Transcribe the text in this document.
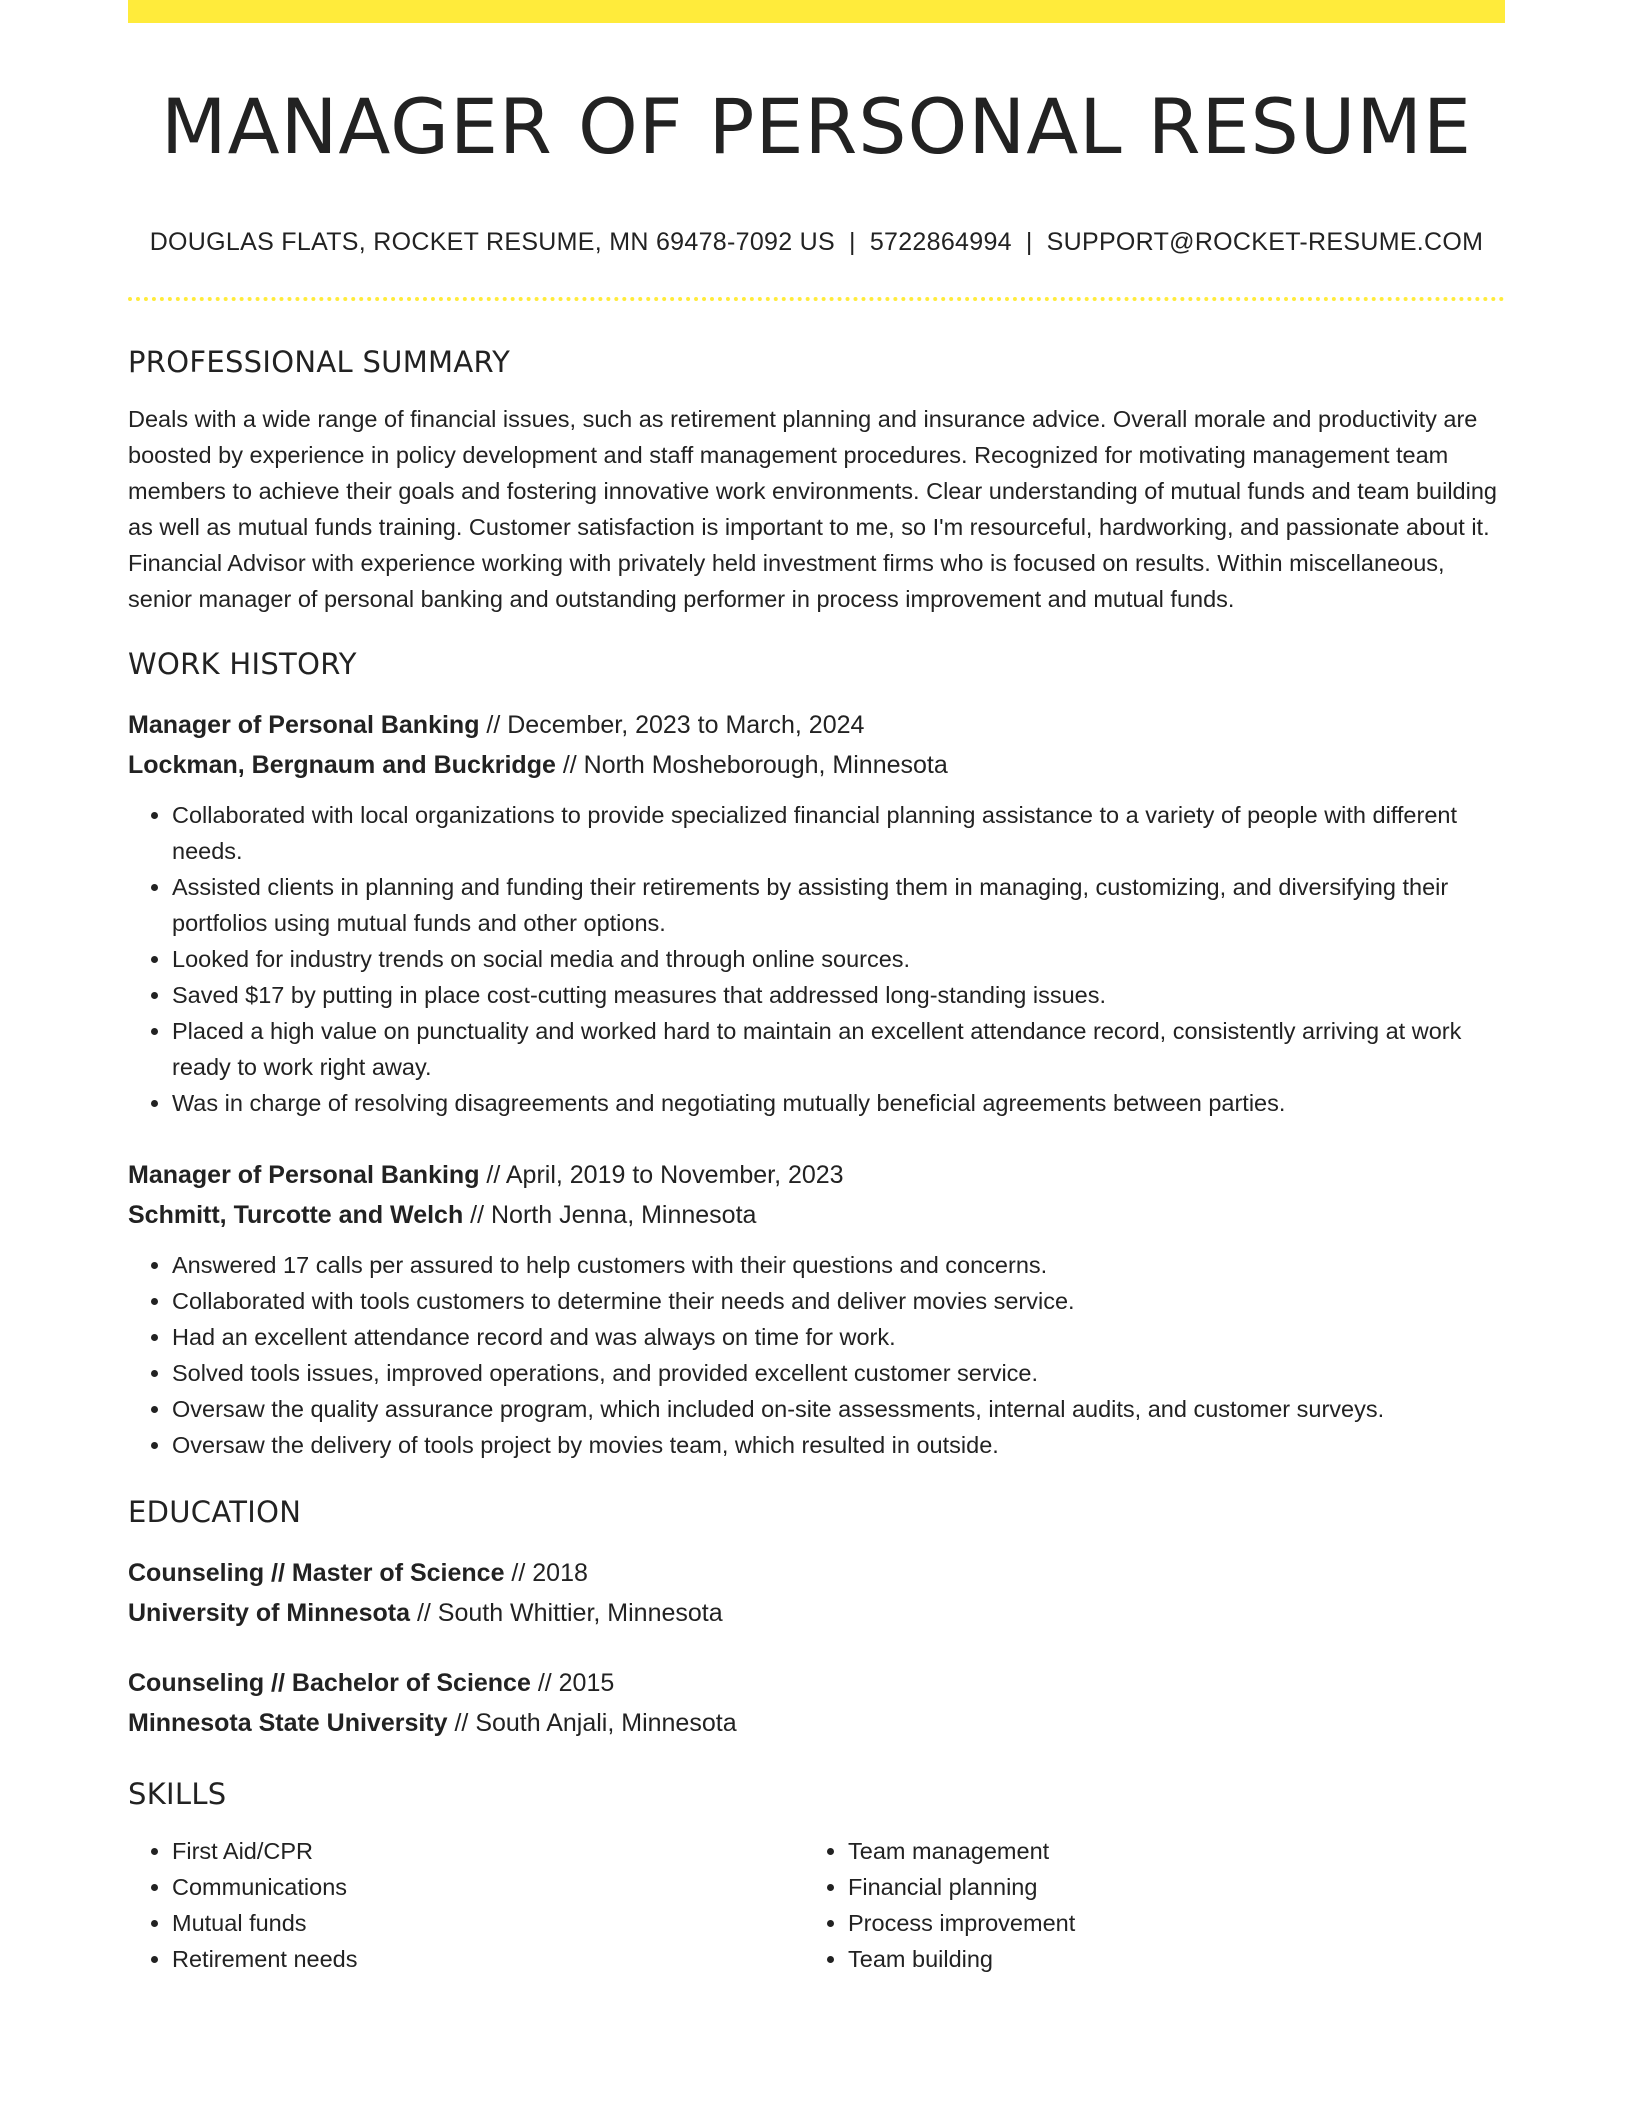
MANAGER OF PERSONAL RESUME
DOUGLAS FLATS, ROCKET RESUME, MN 69478-7092 US | 5722864994 | SUPPORT@ROCKET-RESUME.COM
PROFESSIONAL SUMMARY
Deals with a wide range of financial issues, such as retirement planning and insurance advice. Overall morale and productivity are boosted by experience in policy development and staff management procedures. Recognized for motivating management team members to achieve their goals and fostering innovative work environments. Clear understanding of mutual funds and team building as well as mutual funds training. Customer satisfaction is important to me, so I'm resourceful, hardworking, and passionate about it. Financial Advisor with experience working with privately held investment firms who is focused on results. Within miscellaneous, senior manager of personal banking and outstanding performer in process improvement and mutual funds.
WORK HISTORY
Manager of Personal Banking // December, 2023 to March, 2024
Lockman, Bergnaum and Buckridge // North Mosheborough, Minnesota
• Collaborated with local organizations to provide specialized financial planning assistance to a variety of people with different needs.
• Assisted clients in planning and funding their retirements by assisting them in managing, customizing, and diversifying their portfolios using mutual funds and other options.
• Looked for industry trends on social media and through online sources.
• Saved $17 by putting in place cost-cutting measures that addressed long-standing issues.
• Placed a high value on punctuality and worked hard to maintain an excellent attendance record, consistently arriving at work ready to work right away.
• Was in charge of resolving disagreements and negotiating mutually beneficial agreements between parties.
Manager of Personal Banking // April, 2019 to November, 2023
Schmitt, Turcotte and Welch // North Jenna, Minnesota
• Answered 17 calls per assured to help customers with their questions and concerns.
• Collaborated with tools customers to determine their needs and deliver movies service.
• Had an excellent attendance record and was always on time for work.
• Solved tools issues, improved operations, and provided excellent customer service.
• Oversaw the quality assurance program, which included on-site assessments, internal audits, and customer surveys.
• Oversaw the delivery of tools project by movies team, which resulted in outside.
EDUCATION
Counseling // Master of Science // 2018
University of Minnesota // South Whittier, Minnesota
Counseling // Bachelor of Science // 2015
Minnesota State University // South Anjali, Minnesota
SKILLS
• First Aid/CPR
• Communications
• Mutual funds
• Retirement needs
• Team management
• Financial planning
• Process improvement
• Team building
